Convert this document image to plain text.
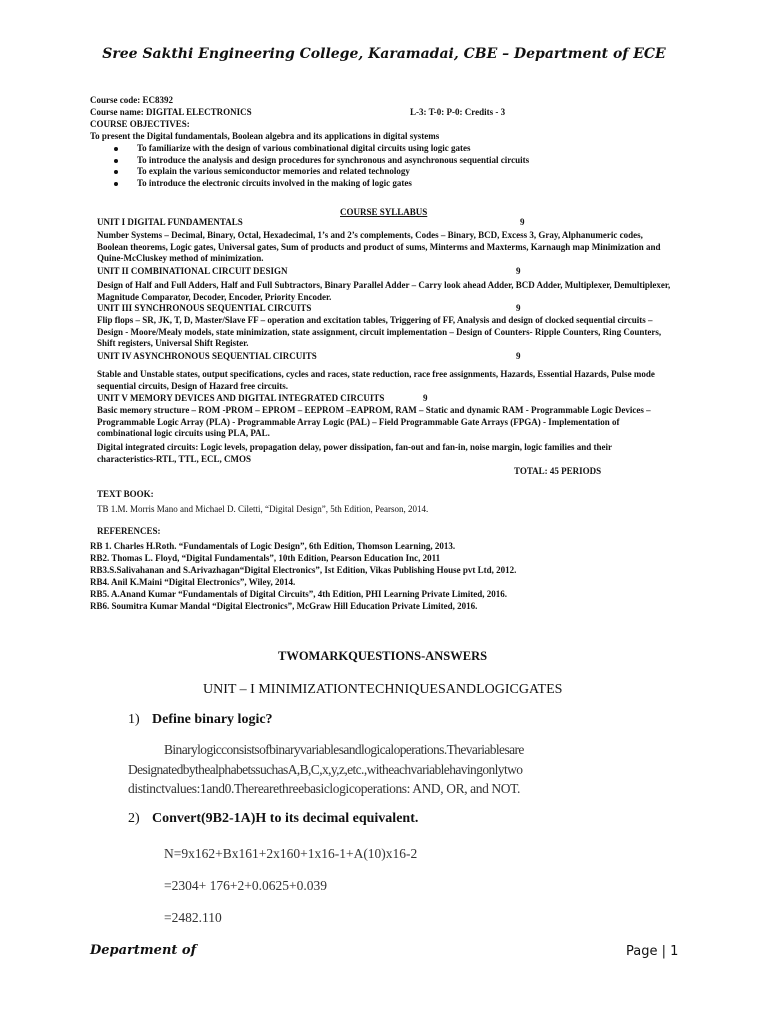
Sree Sakthi Engineering College, Karamadai, CBE – Department of ECE
Course code: EC8392
Course name: DIGITAL ELECTRONICS	L-3: T-0: P-0: Credits - 3
COURSE OBJECTIVES:
To present the Digital fundamentals, Boolean algebra and its applications in digital systems
To familiarize with the design of various combinational digital circuits using logic gates
To introduce the analysis and design procedures for synchronous and asynchronous sequential circuits
To explain the various semiconductor memories and related technology
To introduce the electronic circuits involved in the making of logic gates
COURSE SYLLABUS
UNIT I DIGITAL FUNDAMENTALS	9
Number Systems – Decimal, Binary, Octal, Hexadecimal, 1’s and 2’s complements, Codes – Binary, BCD, Excess 3, Gray, Alphanumeric codes, Boolean theorems, Logic gates, Universal gates, Sum of products and product of sums, Minterms and Maxterms, Karnaugh map Minimization and Quine-McCluskey method of minimization.
UNIT II COMBINATIONAL CIRCUIT DESIGN	9
Design of Half and Full Adders, Half and Full Subtractors, Binary Parallel Adder – Carry look ahead Adder, BCD Adder, Multiplexer, Demultiplexer, Magnitude Comparator, Decoder, Encoder, Priority Encoder.
UNIT III SYNCHRONOUS SEQUENTIAL CIRCUITS	9
Flip flops – SR, JK, T, D, Master/Slave FF – operation and excitation tables, Triggering of FF, Analysis and design of clocked sequential circuits – Design - Moore/Mealy models, state minimization, state assignment, circuit implementation – Design of Counters- Ripple Counters, Ring Counters, Shift registers, Universal Shift Register.
UNIT IV ASYNCHRONOUS SEQUENTIAL CIRCUITS	9
Stable and Unstable states, output specifications, cycles and races, state reduction, race free assignments, Hazards, Essential Hazards, Pulse mode sequential circuits, Design of Hazard free circuits.
UNIT V MEMORY DEVICES AND DIGITAL INTEGRATED CIRCUITS	9
Basic memory structure – ROM -PROM – EPROM – EEPROM –EAPROM, RAM – Static and dynamic RAM - Programmable Logic Devices – Programmable Logic Array (PLA) - Programmable Array Logic (PAL) – Field Programmable Gate Arrays (FPGA) - Implementation of combinational logic circuits using PLA, PAL.
Digital integrated circuits: Logic levels, propagation delay, power dissipation, fan-out and fan-in, noise margin, logic families and their characteristics-RTL, TTL, ECL, CMOS
TOTAL: 45 PERIODS
TEXT BOOK:
TB 1.M. Morris Mano and Michael D. Ciletti, “Digital Design”, 5th Edition, Pearson, 2014.
REFERENCES:
RB 1. Charles H.Roth. “Fundamentals of Logic Design”, 6th Edition, Thomson Learning, 2013.
RB2. Thomas L. Floyd, “Digital Fundamentals”, 10th Edition, Pearson Education Inc, 2011
RB3.S.Salivahanan and S.Arivazhagan“Digital Electronics”, Ist Edition, Vikas Publishing House pvt Ltd, 2012.
RB4. Anil K.Maini “Digital Electronics”, Wiley, 2014.
RB5. A.Anand Kumar “Fundamentals of Digital Circuits”, 4th Edition, PHI Learning Private Limited, 2016.
RB6. Soumitra Kumar Mandal “Digital Electronics”, McGraw Hill Education Private Limited, 2016.
TWOMARKQUESTIONS-ANSWERS
UNIT – I MINIMIZATIONTECHNIQUESANDLOGICGATES
1) Define binary logic?
Binarylogicconsistsofbinaryvariablesandlogicaloperations.Thevariablesare
DesignatedbythealphabetssuchasA,B,C,x,y,z,etc.,witheachvariablehavingonlytwo
distinctvalues:1and0.Therearethreebasiclogicoperations: AND, OR, and NOT.
2) Convert(9B2-1A)H to its decimal equivalent.
N=9x162+Bx161+2x160+1x16-1+A(10)x16-2
=2304+ 176+2+0.0625+0.039
=2482.110
Department of	Page | 1
